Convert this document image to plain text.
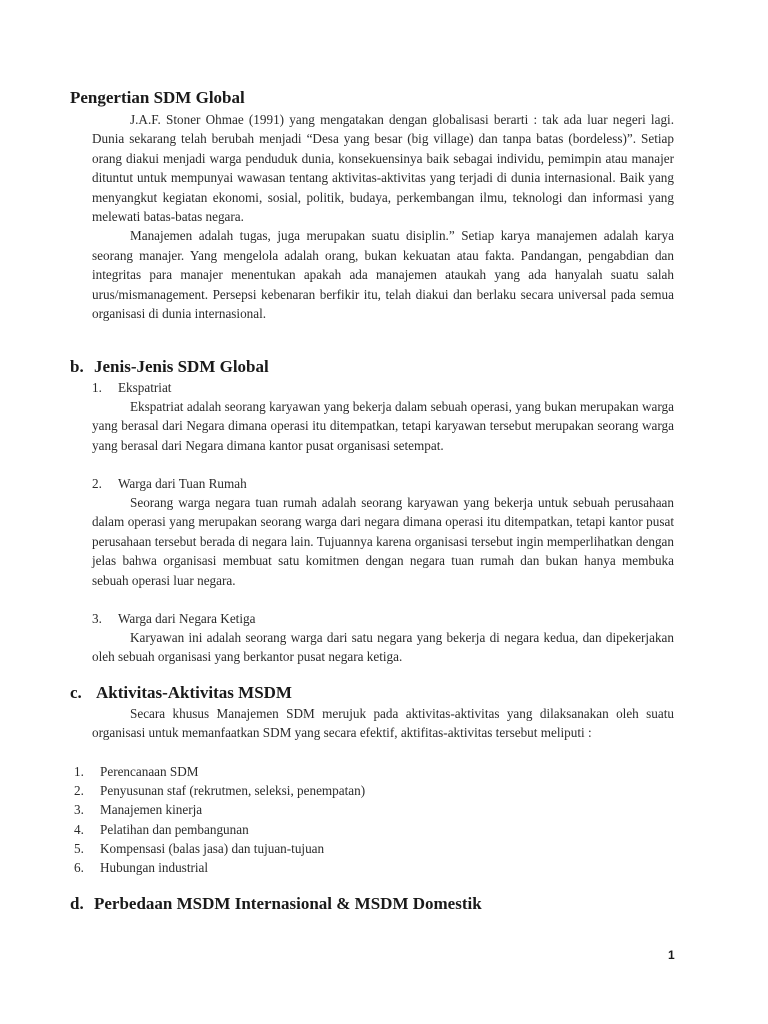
Pengertian SDM Global

J.A.F. Stoner Ohmae (1991) yang mengatakan dengan globalisasi berarti : tak ada luar negeri lagi. Dunia sekarang telah berubah menjadi “Desa yang besar (big village) dan tanpa batas (bordeless)”. Setiap orang diakui menjadi warga penduduk dunia, konsekuensinya baik sebagai individu, pemimpin atau manajer dituntut untuk mempunyai wawasan tentang aktivitas-aktivitas yang terjadi di dunia internasional. Baik yang menyangkut kegiatan ekonomi, sosial, politik, budaya, perkembangan ilmu, teknologi dan informasi yang melewati batas-batas negara.

Manajemen adalah tugas, juga merupakan suatu disiplin.” Setiap karya manajemen adalah karya seorang manajer. Yang mengelola adalah orang, bukan kekuatan atau fakta. Pandangan, pengabdian dan integritas para manajer menentukan apakah ada manajemen ataukah yang ada hanyalah suatu salah urus/mismanagement. Persepsi kebenaran berfikir itu, telah diakui dan berlaku secara universal pada semua organisasi di dunia internasional.

b. Jenis-Jenis SDM Global
1. Ekspatriat

Ekspatriat adalah seorang karyawan yang bekerja dalam sebuah operasi, yang bukan merupakan warga yang berasal dari Negara dimana operasi itu ditempatkan, tetapi karyawan tersebut merupakan seorang warga yang berasal dari Negara dimana kantor pusat organisasi setempat.

2. Warga dari Tuan Rumah

Seorang warga negara tuan rumah adalah seorang karyawan yang bekerja untuk sebuah perusahaan dalam operasi yang merupakan seorang warga dari negara dimana operasi itu ditempatkan, tetapi kantor pusat perusahaan tersebut berada di negara lain. Tujuannya karena organisasi tersebut ingin memperlihatkan dengan jelas bahwa organisasi membuat satu komitmen dengan negara tuan rumah dan bukan hanya membuka sebuah operasi luar negara.

3. Warga dari Negara Ketiga

Karyawan ini adalah seorang warga dari satu negara yang bekerja di negara kedua, dan dipekerjakan oleh sebuah organisasi yang berkantor pusat negara ketiga.

c. Aktivitas-Aktivitas MSDM

Secara khusus Manajemen SDM merujuk pada aktivitas-aktivitas yang dilaksanakan oleh suatu organisasi untuk memanfaatkan SDM yang secara efektif, aktifitas-aktivitas tersebut meliputi :

1. Perencanaan SDM
2. Penyusunan staf (rekrutmen, seleksi, penempatan)
3. Manajemen kinerja
4. Pelatihan dan pembangunan
5. Kompensasi (balas jasa) dan tujuan-tujuan
6. Hubungan industrial
d. Perbedaan MSDM Internasional & MSDM Domestik
1
